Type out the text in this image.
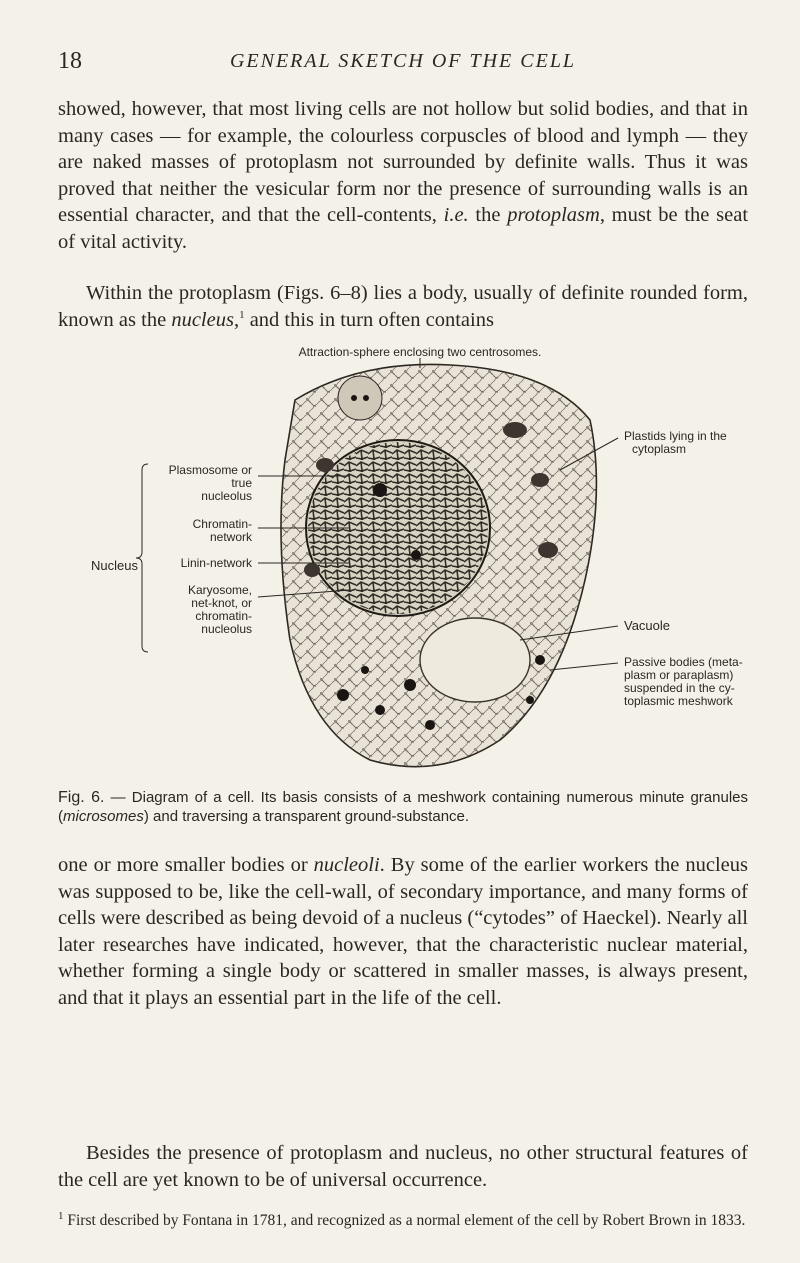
18	GENERAL SKETCH OF THE CELL

showed, however, that most living cells are not hollow but solid bodies, and that in many cases — for example, the colourless corpuscles of blood and lymph — they are naked masses of protoplasm not surrounded by definite walls. Thus it was proved that neither the vesicular form nor the presence of surrounding walls is an essential character, and that the cell-contents, i.e. the protoplasm, must be the seat of vital activity.

Within the protoplasm (Figs. 6–8) lies a body, usually of definite rounded form, known as the nucleus,$^1$ and this in turn often contains

Attraction-sphere enclosing two centrosomes.
Nucleus
Plasmosome or
true
nucleolus
Chromatin-
network
Linin-network
Karyosome,
net-knot, or
chromatin-
nucleolus
Plastids lying in the
cytoplasm
Vacuole
Passive bodies (meta-
plasm or paraplasm)
suspended in the cy-
toplasmic meshwork

Fig. 6. — Diagram of a cell. Its basis consists of a meshwork containing numerous minute granules (microsomes) and traversing a transparent ground-substance.

one or more smaller bodies or nucleoli. By some of the earlier workers the nucleus was supposed to be, like the cell-wall, of secondary importance, and many forms of cells were described as being devoid of a nucleus (“cytodes” of Haeckel). Nearly all later researches have indicated, however, that the characteristic nuclear material, whether forming a single body or scattered in smaller masses, is always present, and that it plays an essential part in the life of the cell.

Besides the presence of protoplasm and nucleus, no other structural features of the cell are yet known to be of universal occurrence.

$^1$ First described by Fontana in 1781, and recognized as a normal element of the cell by Robert Brown in 1833.
